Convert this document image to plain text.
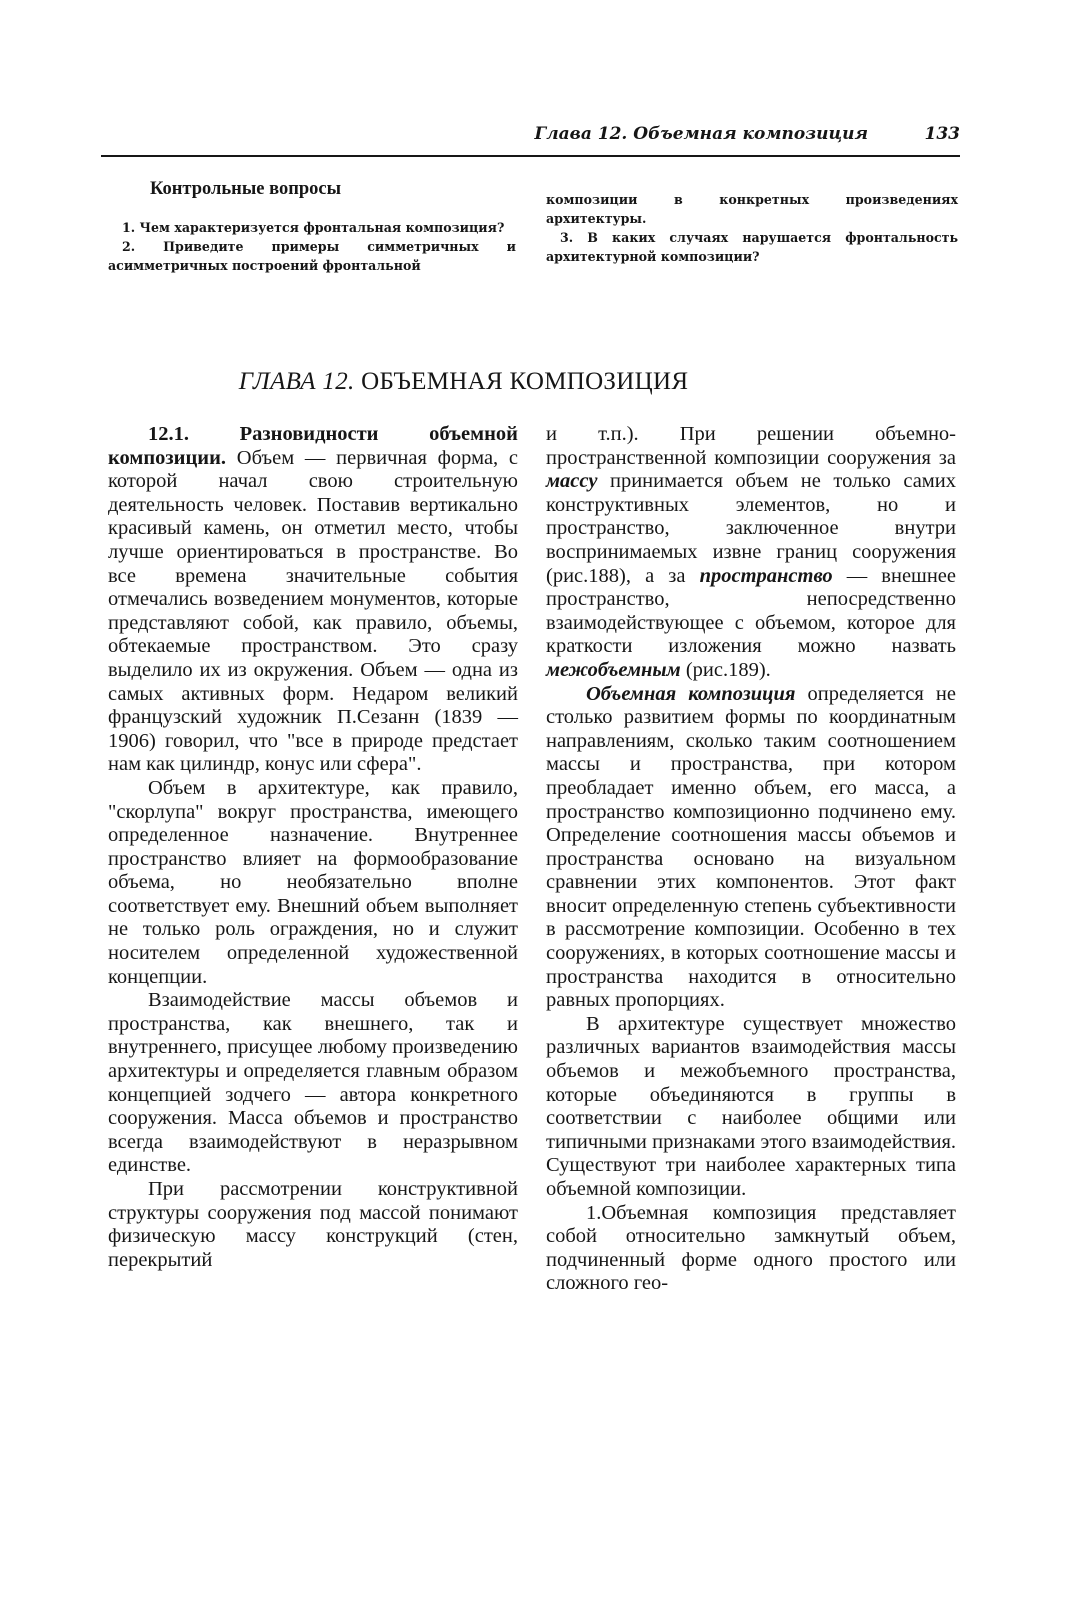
Глава 12. Объемная композиция	133
Контрольные вопросы

1. Чем характеризуется фронтальная композиция?

2. Приведите примеры симметричных и асимметричных построений фронтальной

композиции в конкретных произведениях архитектуры.

3. В каких случаях нарушается фронтальность архитектурной композиции?

ГЛАВА 12. ОБЪЕМНАЯ КОМПОЗИЦИЯ

12.1. Разновидности объемной композиции. Объем — первичная форма, с которой начал свою строительную деятельность человек. Поставив вертикально красивый камень, он отметил место, чтобы лучше ориентироваться в пространстве. Во все времена значительные события отмечались возведением монументов, которые представляют собой, как правило, объемы, обтекаемые пространством. Это сразу выделило их из окружения. Объем — одна из самых активных форм. Недаром великий французский художник П.Сезанн (1839 — 1906) говорил, что "все в природе предстает нам как цилиндр, конус или сфера".

Объем в архитектуре, как правило, "скорлупа" вокруг пространства, имеющего определенное назначение. Внутреннее пространство влияет на формообразование объема, но необязательно вполне соответствует ему. Внешний объем выполняет не только роль ограждения, но и служит носителем определенной художественной концепции.

Взаимодействие массы объемов и пространства, как внешнего, так и внутреннего, присущее любому произведению архитектуры и определяется главным образом концепцией зодчего — автора конкретного сооружения. Масса объемов и пространство всегда взаимодействуют в неразрывном единстве.

При рассмотрении конструктивной структуры сооружения под массой понимают физическую массу конструкций (стен, перекрытий

и т.п.). При решении объемно-пространственной композиции сооружения за массу принимается объем не только самих конструктивных элементов, но и пространство, заключенное внутри воспринимаемых извне границ сооружения (рис.188), а за пространство — внешнее пространство, непосредственно взаимодействующее с объемом, которое для краткости изложения можно назвать межобъемным (рис.189).

Объемная композиция определяется не столько развитием формы по координатным направлениям, сколько таким соотношением массы и пространства, при котором преобладает именно объем, его масса, а пространство композиционно подчинено ему. Определение соотношения массы объемов и пространства основано на визуальном сравнении этих компонентов. Этот факт вносит определенную степень субъективности в рассмотрение композиции. Особенно в тех сооружениях, в которых соотношение массы и пространства находится в относительно равных пропорциях.

В архитектуре существует множество различных вариантов взаимодействия массы объемов и межобъемного пространства, которые объединяются в группы в соответствии с наиболее общими или типичными признаками этого взаимодействия. Существуют три наиболее характерных типа объемной композиции.

1.Объемная композиция представляет собой относительно замкнутый объем, подчиненный форме одного простого или сложного гео-
